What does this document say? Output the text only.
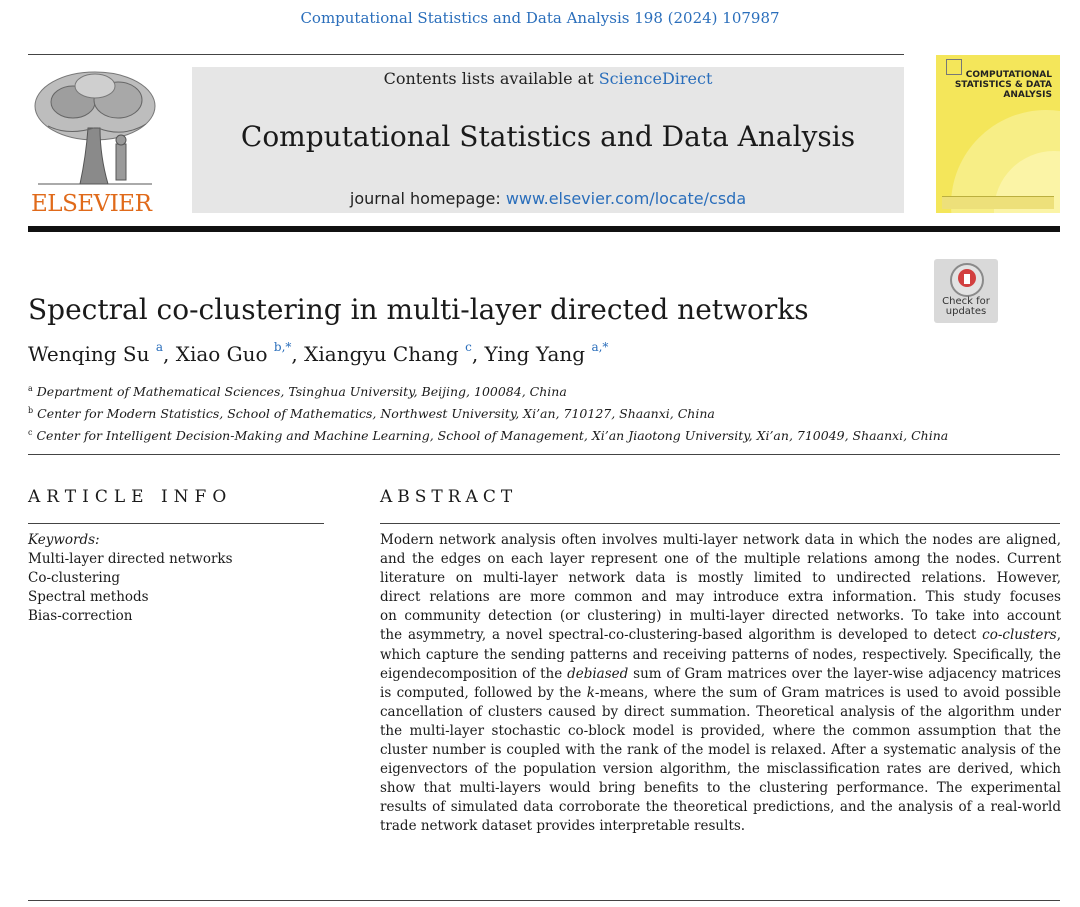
Computational Statistics and Data Analysis 198 (2024) 107987
ELSEVIER
Contents lists available at ScienceDirect
Computational Statistics and Data Analysis
journal homepage: www.elsevier.com/locate/csda
COMPUTATIONAL STATISTICS & DATA ANALYSIS
Check for updates
Spectral co-clustering in multi-layer directed networks
Wenqing Su $^a$, Xiao Guo $^{b,*}$, Xiangyu Chang $^c$, Ying Yang $^{a,*}$
$^a$ Department of Mathematical Sciences, Tsinghua University, Beijing, 100084, China
$^b$ Center for Modern Statistics, School of Mathematics, Northwest University, Xi’an, 710127, Shaanxi, China
$^c$ Center for Intelligent Decision-Making and Machine Learning, School of Management, Xi’an Jiaotong University, Xi’an, 710049, Shaanxi, China
ARTICLE INFO
Keywords:
Multi-layer directed networks
Co-clustering
Spectral methods
Bias-correction
ABSTRACT
Modern network analysis often involves multi-layer network data in which the nodes are aligned,
and the edges on each layer represent one of the multiple relations among the nodes. Current
literature on multi-layer network data is mostly limited to undirected relations. However,
direct relations are more common and may introduce extra information. This study focuses
on community detection (or clustering) in multi-layer directed networks. To take into account
the asymmetry, a novel spectral-co-clustering-based algorithm is developed to detect co-clusters,
which capture the sending patterns and receiving patterns of nodes, respectively. Specifically, the
eigendecomposition of the debiased sum of Gram matrices over the layer-wise adjacency matrices
is computed, followed by the k-means, where the sum of Gram matrices is used to avoid possible
cancellation of clusters caused by direct summation. Theoretical analysis of the algorithm under
the multi-layer stochastic co-block model is provided, where the common assumption that the
cluster number is coupled with the rank of the model is relaxed. After a systematic analysis of the
eigenvectors of the population version algorithm, the misclassification rates are derived, which
show that multi-layers would bring benefits to the clustering performance. The experimental
results of simulated data corroborate the theoretical predictions, and the analysis of a real-world
trade network dataset provides interpretable results.
